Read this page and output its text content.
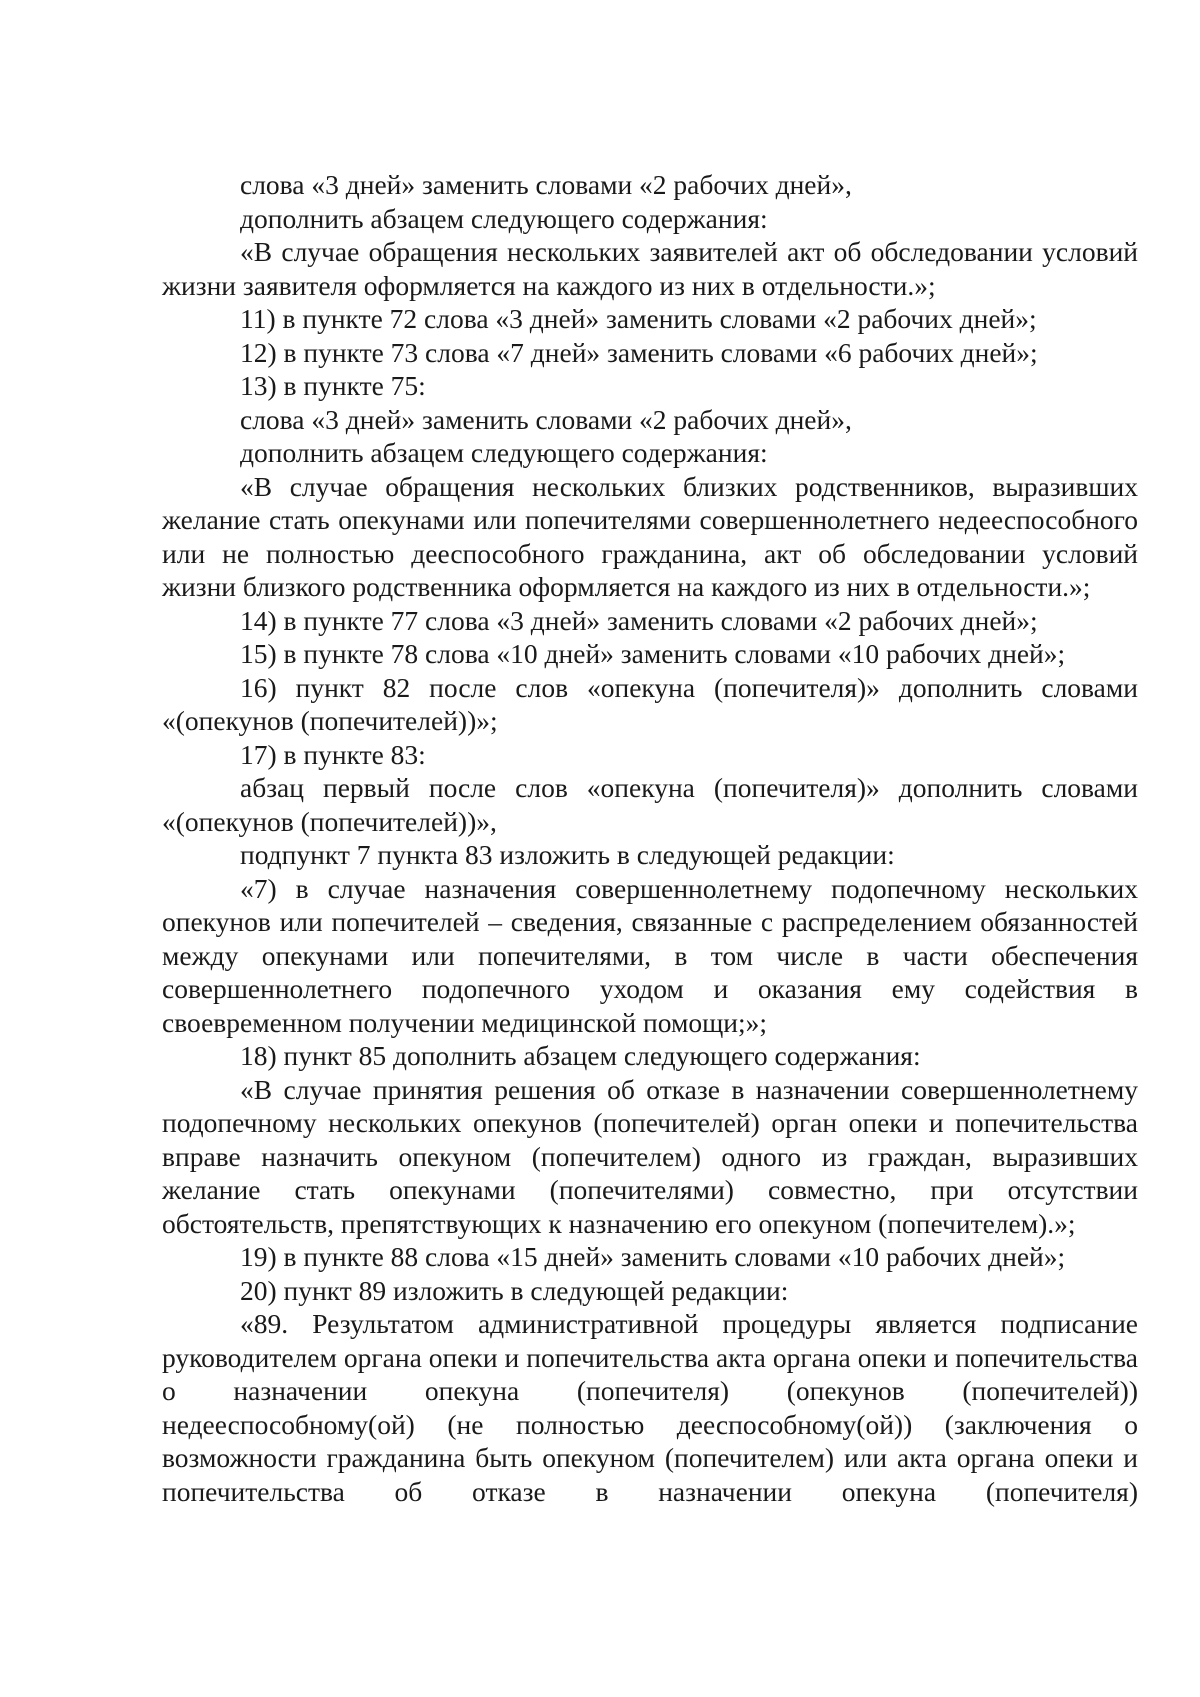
слова «3 дней» заменить словами «2 рабочих дней»,

дополнить абзацем следующего содержания:

«В случае обращения нескольких заявителей акт об обследовании условий жизни заявителя оформляется на каждого из них в отдельности.»;

11) в пункте 72 слова «3 дней» заменить словами «2 рабочих дней»;

12) в пункте 73 слова «7 дней» заменить словами «6 рабочих дней»;

13) в пункте 75:

слова «3 дней» заменить словами «2 рабочих дней»,

дополнить абзацем следующего содержания:

«В случае обращения нескольких близких родственников, выразивших желание стать опекунами или попечителями совершеннолетнего недееспособного или не полностью дееспособного гражданина, акт об обследовании условий жизни близкого родственника оформляется на каждого из них в отдельности.»;

14) в пункте 77 слова «3 дней» заменить словами «2 рабочих дней»;

15) в пункте 78 слова «10 дней» заменить словами «10 рабочих дней»;

16) пункт 82 после слов «опекуна (попечителя)» дополнить словами «(опекунов (попечителей))»;

17) в пункте 83:

абзац первый после слов «опекуна (попечителя)» дополнить словами «(опекунов (попечителей))»,

подпункт 7 пункта 83 изложить в следующей редакции:

«7) в случае назначения совершеннолетнему подопечному нескольких опекунов или попечителей – сведения, связанные с распределением обязанностей между опекунами или попечителями, в том числе в части обеспечения совершеннолетнего подопечного уходом и оказания ему содействия в своевременном получении медицинской помощи;»;

18) пункт 85 дополнить абзацем следующего содержания:

«В случае принятия решения об отказе в назначении совершеннолетнему подопечному нескольких опекунов (попечителей) орган опеки и попечительства вправе назначить опекуном (попечителем) одного из граждан, выразивших желание стать опекунами (попечителями) совместно, при отсутствии обстоятельств, препятствующих к назначению его опекуном (попечителем).»;

19) в пункте 88 слова «15 дней» заменить словами «10 рабочих дней»;

20) пункт 89 изложить в следующей редакции:

«89. Результатом административной процедуры является подписание руководителем органа опеки и попечительства акта органа опеки и попечительства о назначении опекуна (попечителя) (опекунов (попечителей)) недееспособному(ой) (не полностью дееспособному(ой)) (заключения о возможности гражданина быть опекуном (попечителем) или акта органа опеки и попечительства об отказе в назначении опекуна (попечителя)
